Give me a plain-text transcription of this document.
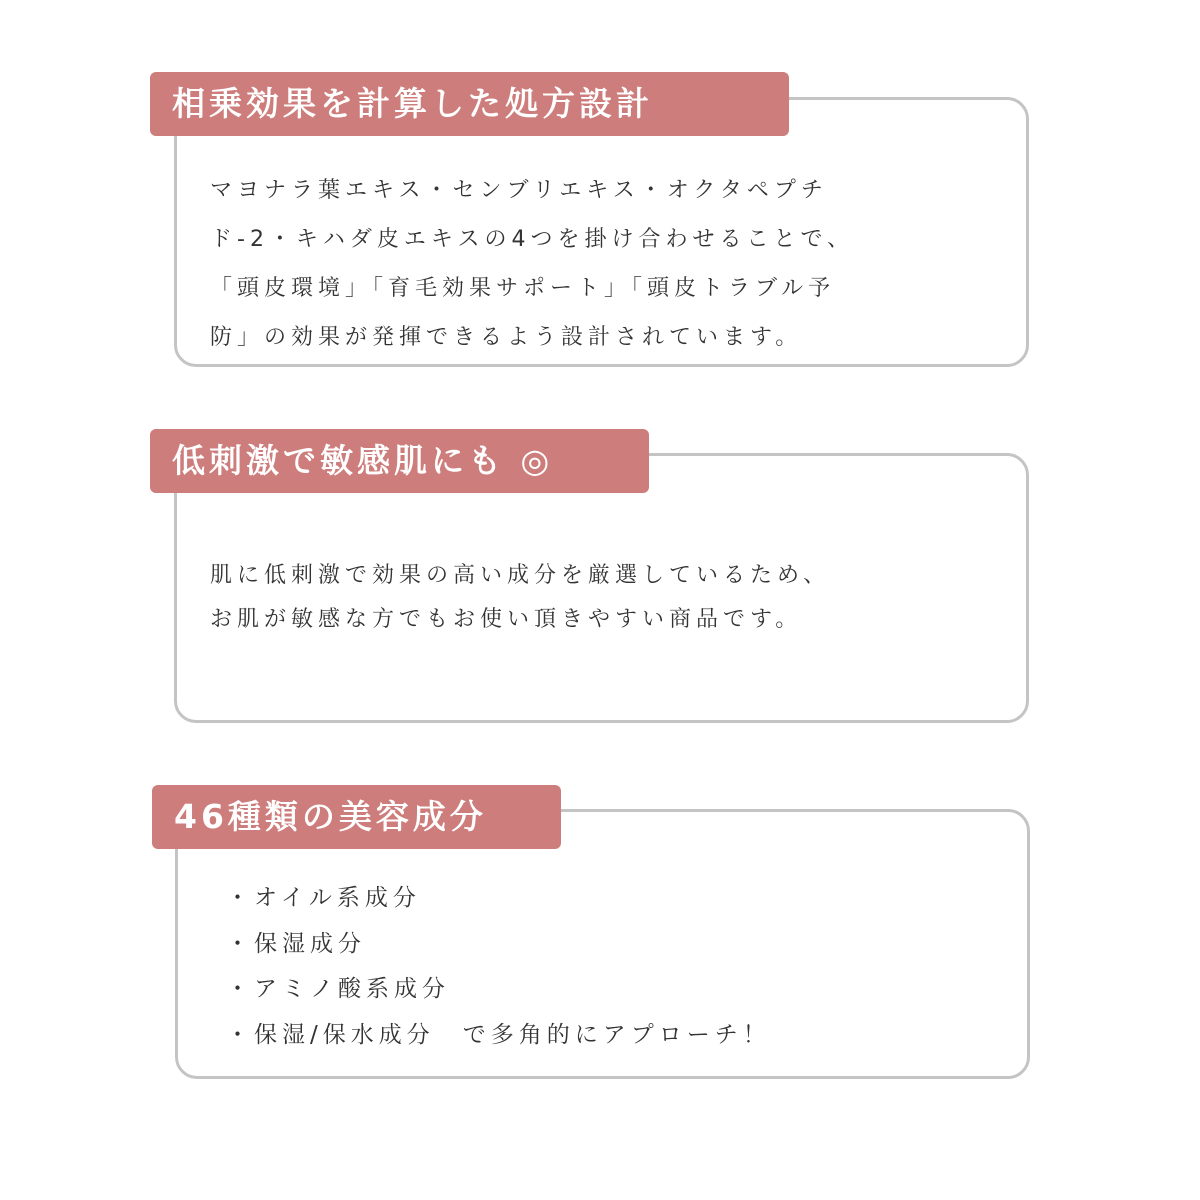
相乗効果を計算した処方設計
マヨナラ葉エキス・センブリエキス・オクタペプチ
ド-2・キハダ皮エキスの4つを掛け合わせることで、
「頭皮環境」「育毛効果サポート」「頭皮トラブル予
防」の効果が発揮できるよう設計されています。
低刺激で敏感肌にも ◎
肌に低刺激で効果の高い成分を厳選しているため、
お肌が敏感な方でもお使い頂きやすい商品です。
46種類の美容成分
・オイル系成分
・保湿成分
・アミノ酸系成分
・保湿/保水成分　で多角的にアプローチ！
